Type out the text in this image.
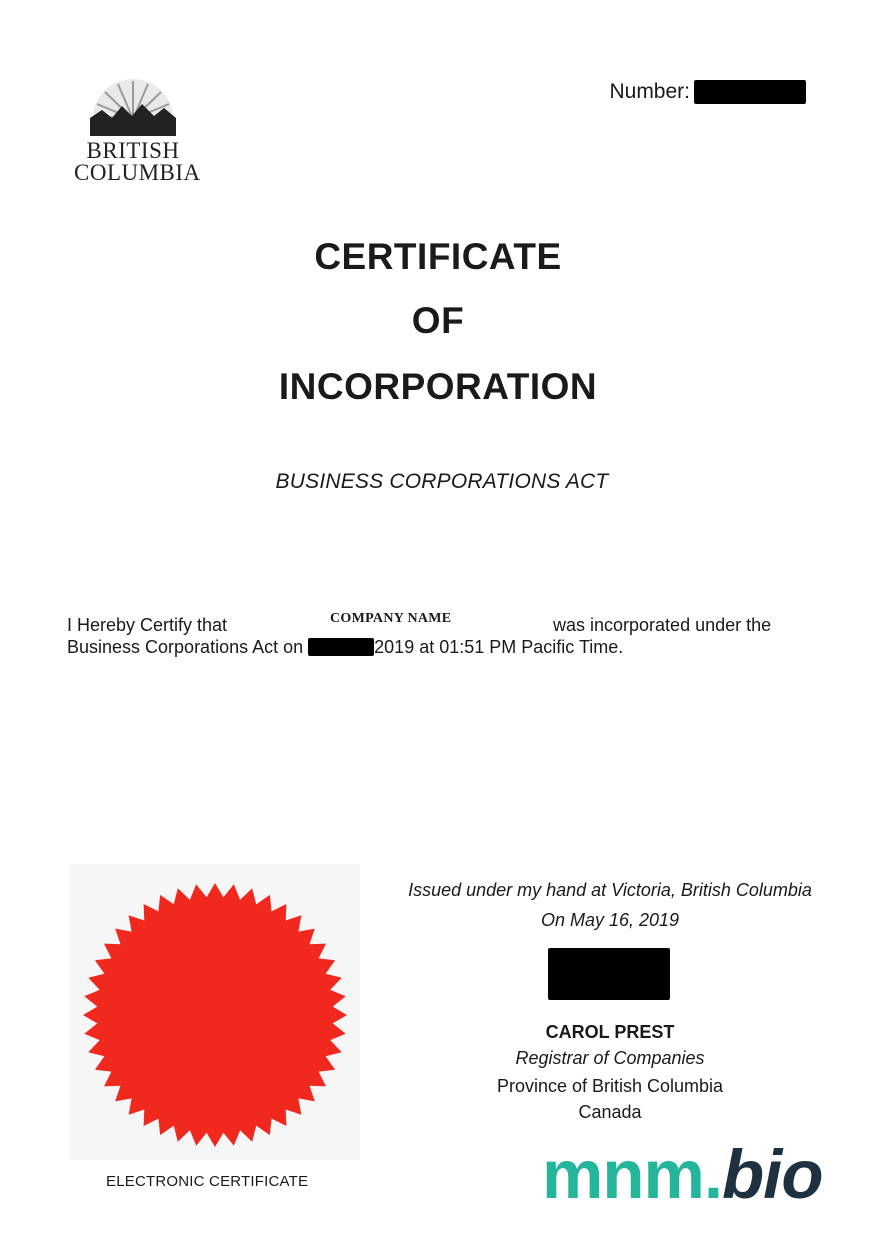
BRITISH
COLUMBIA
Number:
CERTIFICATE
OF
INCORPORATION
BUSINESS CORPORATIONS ACT
I Hereby Certify that	COMPANY NAME	was incorporated under the
Business Corporations Act on	2019 at 01:51 PM Pacific Time.
ELECTRONIC CERTIFICATE
Issued under my hand at Victoria, British Columbia
On May 16, 2019
CAROL PREST
Registrar of Companies
Province of British Columbia
Canada
mnm.bio
